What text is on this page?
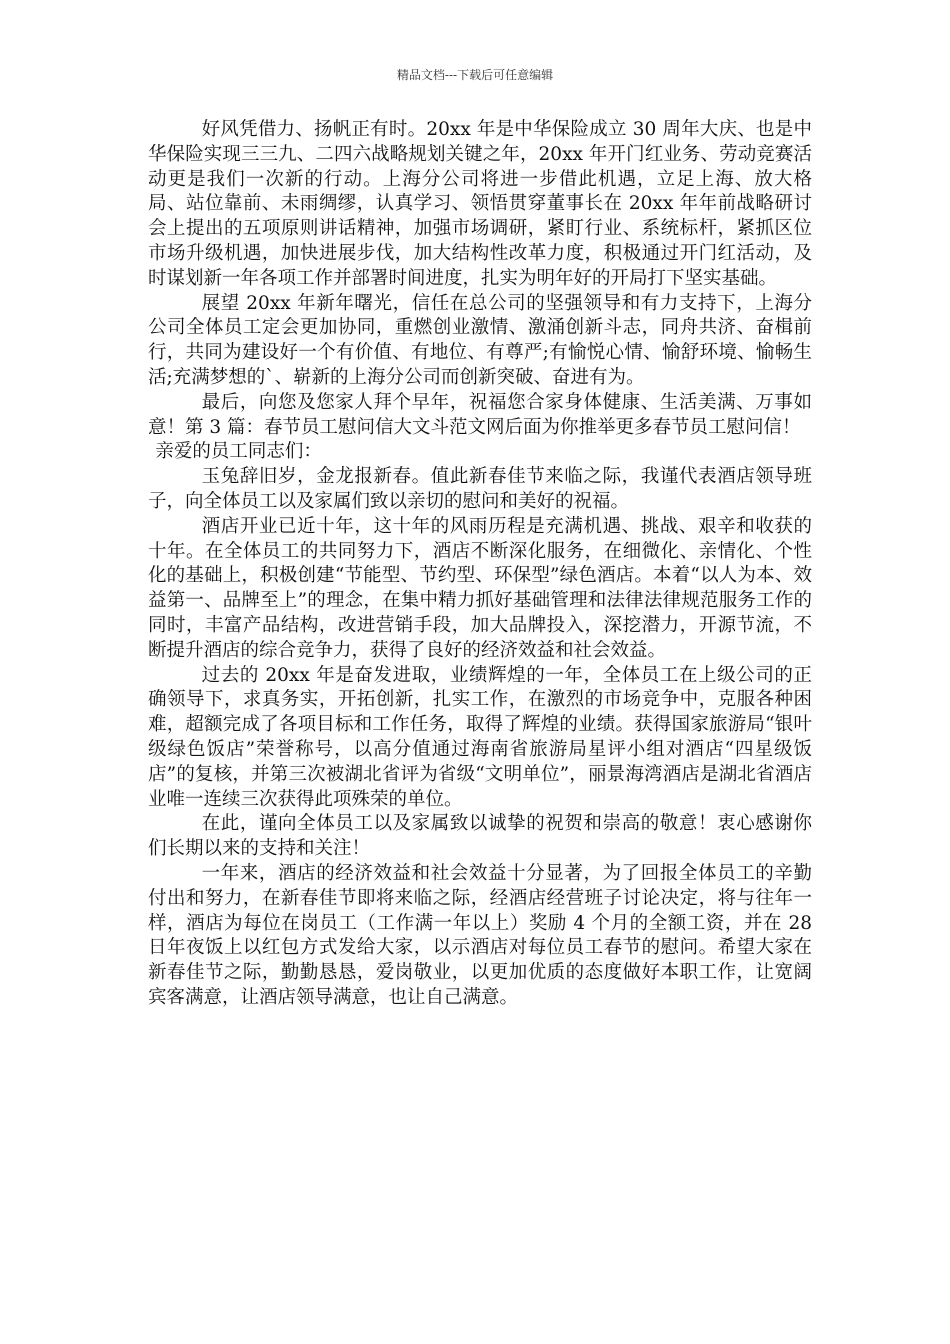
精品文档---下载后可任意编辑

好风凭借力、扬帆正有时。20xx 年是中华保险成立 30 周年大庆、也是中华保险实现三三九、二四六战略规划关键之年，20xx 年开门红业务、劳动竞赛活动更是我们一次新的行动。上海分公司将进一步借此机遇，立足上海、放大格局、站位靠前、未雨绸缪，认真学习、领悟贯穿董事长在 20xx 年年前战略研讨会上提出的五项原则讲话精神，加强市场调研，紧盯行业、系统标杆，紧抓区位市场升级机遇，加快进展步伐，加大结构性改革力度，积极通过开门红活动，及时谋划新一年各项工作并部署时间进度，扎实为明年好的开局打下坚实基础。

展望 20xx 年新年曙光，信任在总公司的坚强领导和有力支持下，上海分公司全体员工定会更加协同，重燃创业激情、激涌创新斗志，同舟共济、奋楫前行，共同为建设好一个有价值、有地位、有尊严;有愉悦心情、愉舒环境、愉畅生活;充满梦想的`、崭新的上海分公司而创新突破、奋进有为。

最后，向您及您家人拜个早年，祝福您合家身体健康、生活美满、万事如意！第 3 篇：春节员工慰问信大文斗范文网后面为你推举更多春节员工慰问信！

亲爱的员工同志们：

玉兔辞旧岁，金龙报新春。值此新春佳节来临之际，我谨代表酒店领导班子，向全体员工以及家属们致以亲切的慰问和美好的祝福。

酒店开业已近十年，这十年的风雨历程是充满机遇、挑战、艰辛和收获的十年。在全体员工的共同努力下，酒店不断深化服务，在细微化、亲情化、个性化的基础上，积极创建“节能型、节约型、环保型”绿色酒店。本着“以人为本、效益第一、品牌至上”的理念，在集中精力抓好基础管理和法律法律规范服务工作的同时，丰富产品结构，改进营销手段，加大品牌投入，深挖潜力，开源节流，不断提升酒店的综合竞争力，获得了良好的经济效益和社会效益。

过去的 20xx 年是奋发进取，业绩辉煌的一年，全体员工在上级公司的正确领导下，求真务实，开拓创新，扎实工作，在激烈的市场竞争中，克服各种困难，超额完成了各项目标和工作任务，取得了辉煌的业绩。获得国家旅游局“银叶级绿色饭店”荣誉称号，以高分值通过海南省旅游局星评小组对酒店“四星级饭店”的复核，并第三次被湖北省评为省级“文明单位”，丽景海湾酒店是湖北省酒店业唯一连续三次获得此项殊荣的单位。

在此，谨向全体员工以及家属致以诚挚的祝贺和崇高的敬意！衷心感谢你们长期以来的支持和关注！

一年来，酒店的经济效益和社会效益十分显著，为了回报全体员工的辛勤付出和努力，在新春佳节即将来临之际，经酒店经营班子讨论决定，将与往年一样，酒店为每位在岗员工（工作满一年以上）奖励 4 个月的全额工资，并在 28 日年夜饭上以红包方式发给大家，以示酒店对每位员工春节的慰问。希望大家在新春佳节之际，勤勤恳恳，爱岗敬业，以更加优质的态度做好本职工作，让宽阔宾客满意，让酒店领导满意，也让自己满意。
